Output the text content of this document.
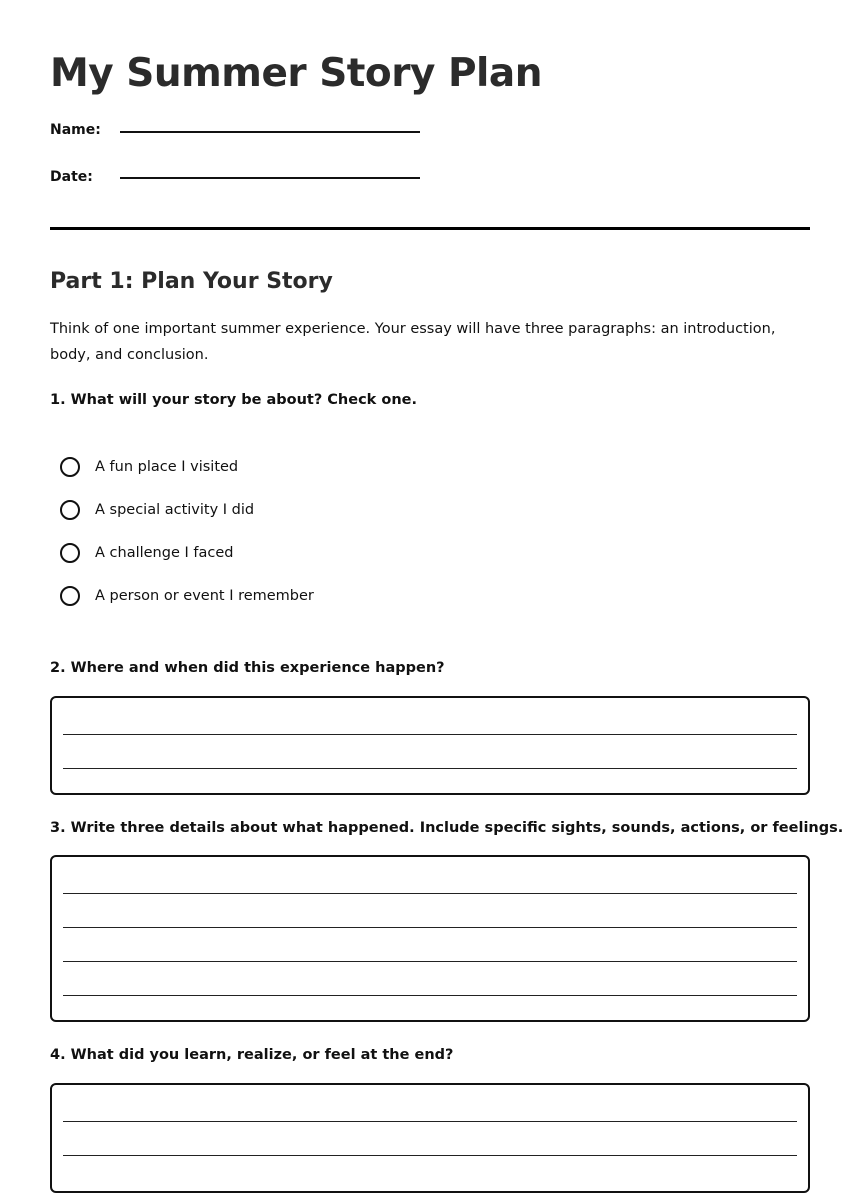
My Summer Story Plan
Name:
Date:
Part 1: Plan Your Story

Think of one important summer experience. Your essay will have three paragraphs: an introduction, body, and conclusion.

1. What will your story be about? Check one.

A fun place I visited
A special activity I did
A challenge I faced
A person or event I remember

2. Where and when did this experience happen?

3. Write three details about what happened. Include specific sights, sounds, actions, or feelings.

4. What did you learn, realize, or feel at the end?
